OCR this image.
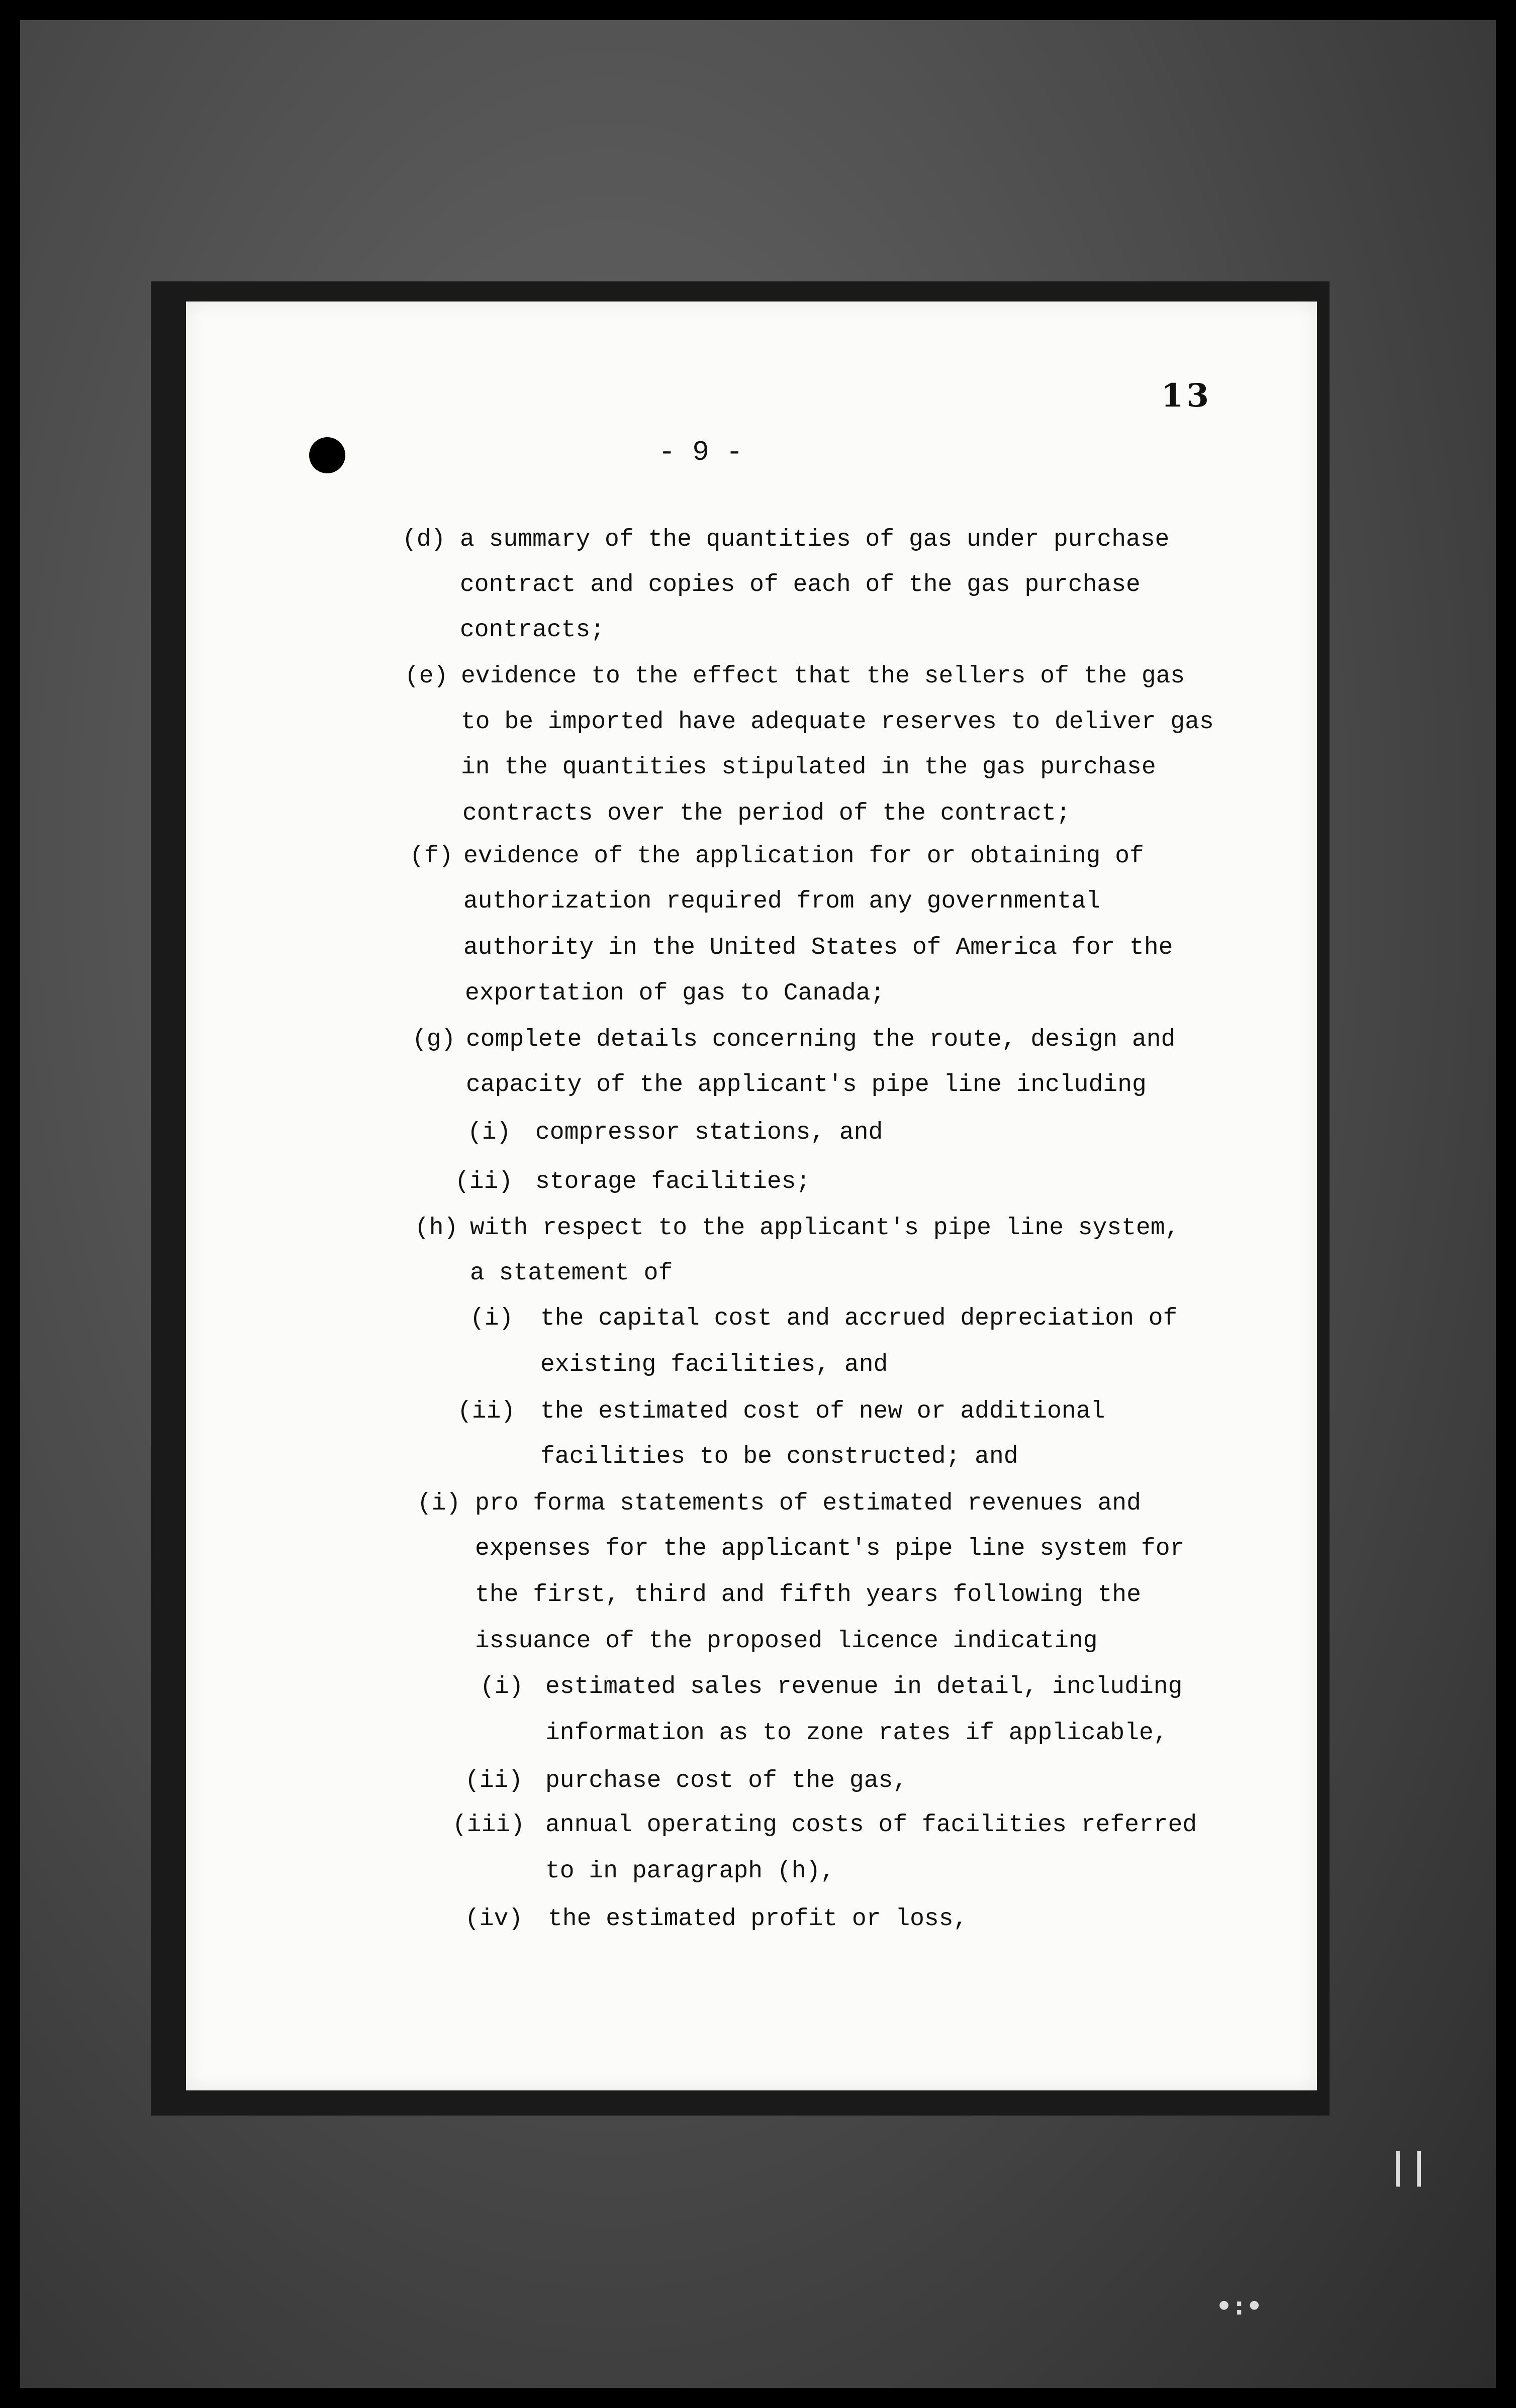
||
•:•
13
- 9 -
(d) a summary of the quantities of gas under purchase
contract and copies of each of the gas purchase
contracts;
(e) evidence to the effect that the sellers of the gas
to be imported have adequate reserves to deliver gas
in the quantities stipulated in the gas purchase
contracts over the period of the contract;
(f) evidence of the application for or obtaining of
authorization required from any governmental
authority in the United States of America for the
exportation of gas to Canada;
(g) complete details concerning the route, design and
capacity of the applicant's pipe line including
(i) compressor stations, and
(ii) storage facilities;
(h) with respect to the applicant's pipe line system,
a statement of
(i) the capital cost and accrued depreciation of
existing facilities, and
(ii) the estimated cost of new or additional
facilities to be constructed; and
(i) pro forma statements of estimated revenues and
expenses for the applicant's pipe line system for
the first, third and fifth years following the
issuance of the proposed licence indicating
(i) estimated sales revenue in detail, including
information as to zone rates if applicable,
(ii) purchase cost of the gas,
(iii) annual operating costs of facilities referred
to in paragraph (h),
(iv) the estimated profit or loss,
